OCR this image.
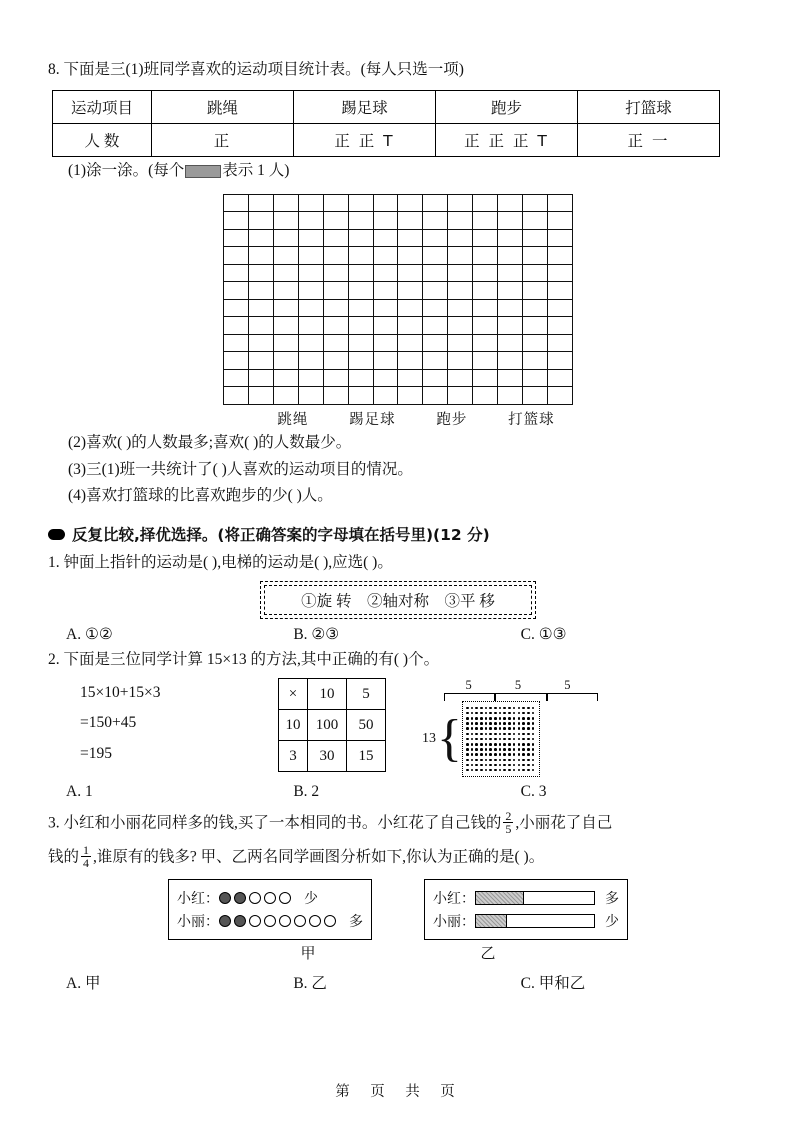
8. 下面是三(1)班同学喜欢的运动项目统计表。(每人只选一项)
运动项目	跳绳	踢足球	跑步	打篮球
人 数	正	正 正 T	正 正 正 T	正 一
(1)涂一涂。(每个 表示 1 人)

跳绳	踢足球	跑步	打篮球
(2)喜欢( )的人数最多;喜欢( )的人数最少。
(3)三(1)班一共统计了( )人喜欢的运动项目的情况。
(4)喜欢打篮球的比喜欢跑步的少( )人。
反复比较,择优选择。(将正确答案的字母填在括号里)(12 分)
1. 钟面上指针的运动是( ),电梯的运动是( ),应选( )。
①旋 转　②轴对称　③平 移
A. ①②	B. ②③	C. ①③
2. 下面是三位同学计算 15×13 的方法,其中正确的有( )个。
15×10+15×3
=150+45
=195
×	10	5
10	100	50
3	30	15
5	5	5
13 {
A. 1	B. 2	C. 3
3. 小红和小丽花同样多的钱,买了一本相同的书。小红花了自己钱的 $\frac{2}{5}$ ,小丽花了自己
钱的 $\frac{1}{4}$ ,谁原有的钱多? 甲、乙两名同学画图分析如下,你认为正确的是( )。
小红：	少
小丽：	多
小红：	多
小丽：	少
甲	乙
A. 甲	B. 乙	C. 甲和乙
第　页　共　页
